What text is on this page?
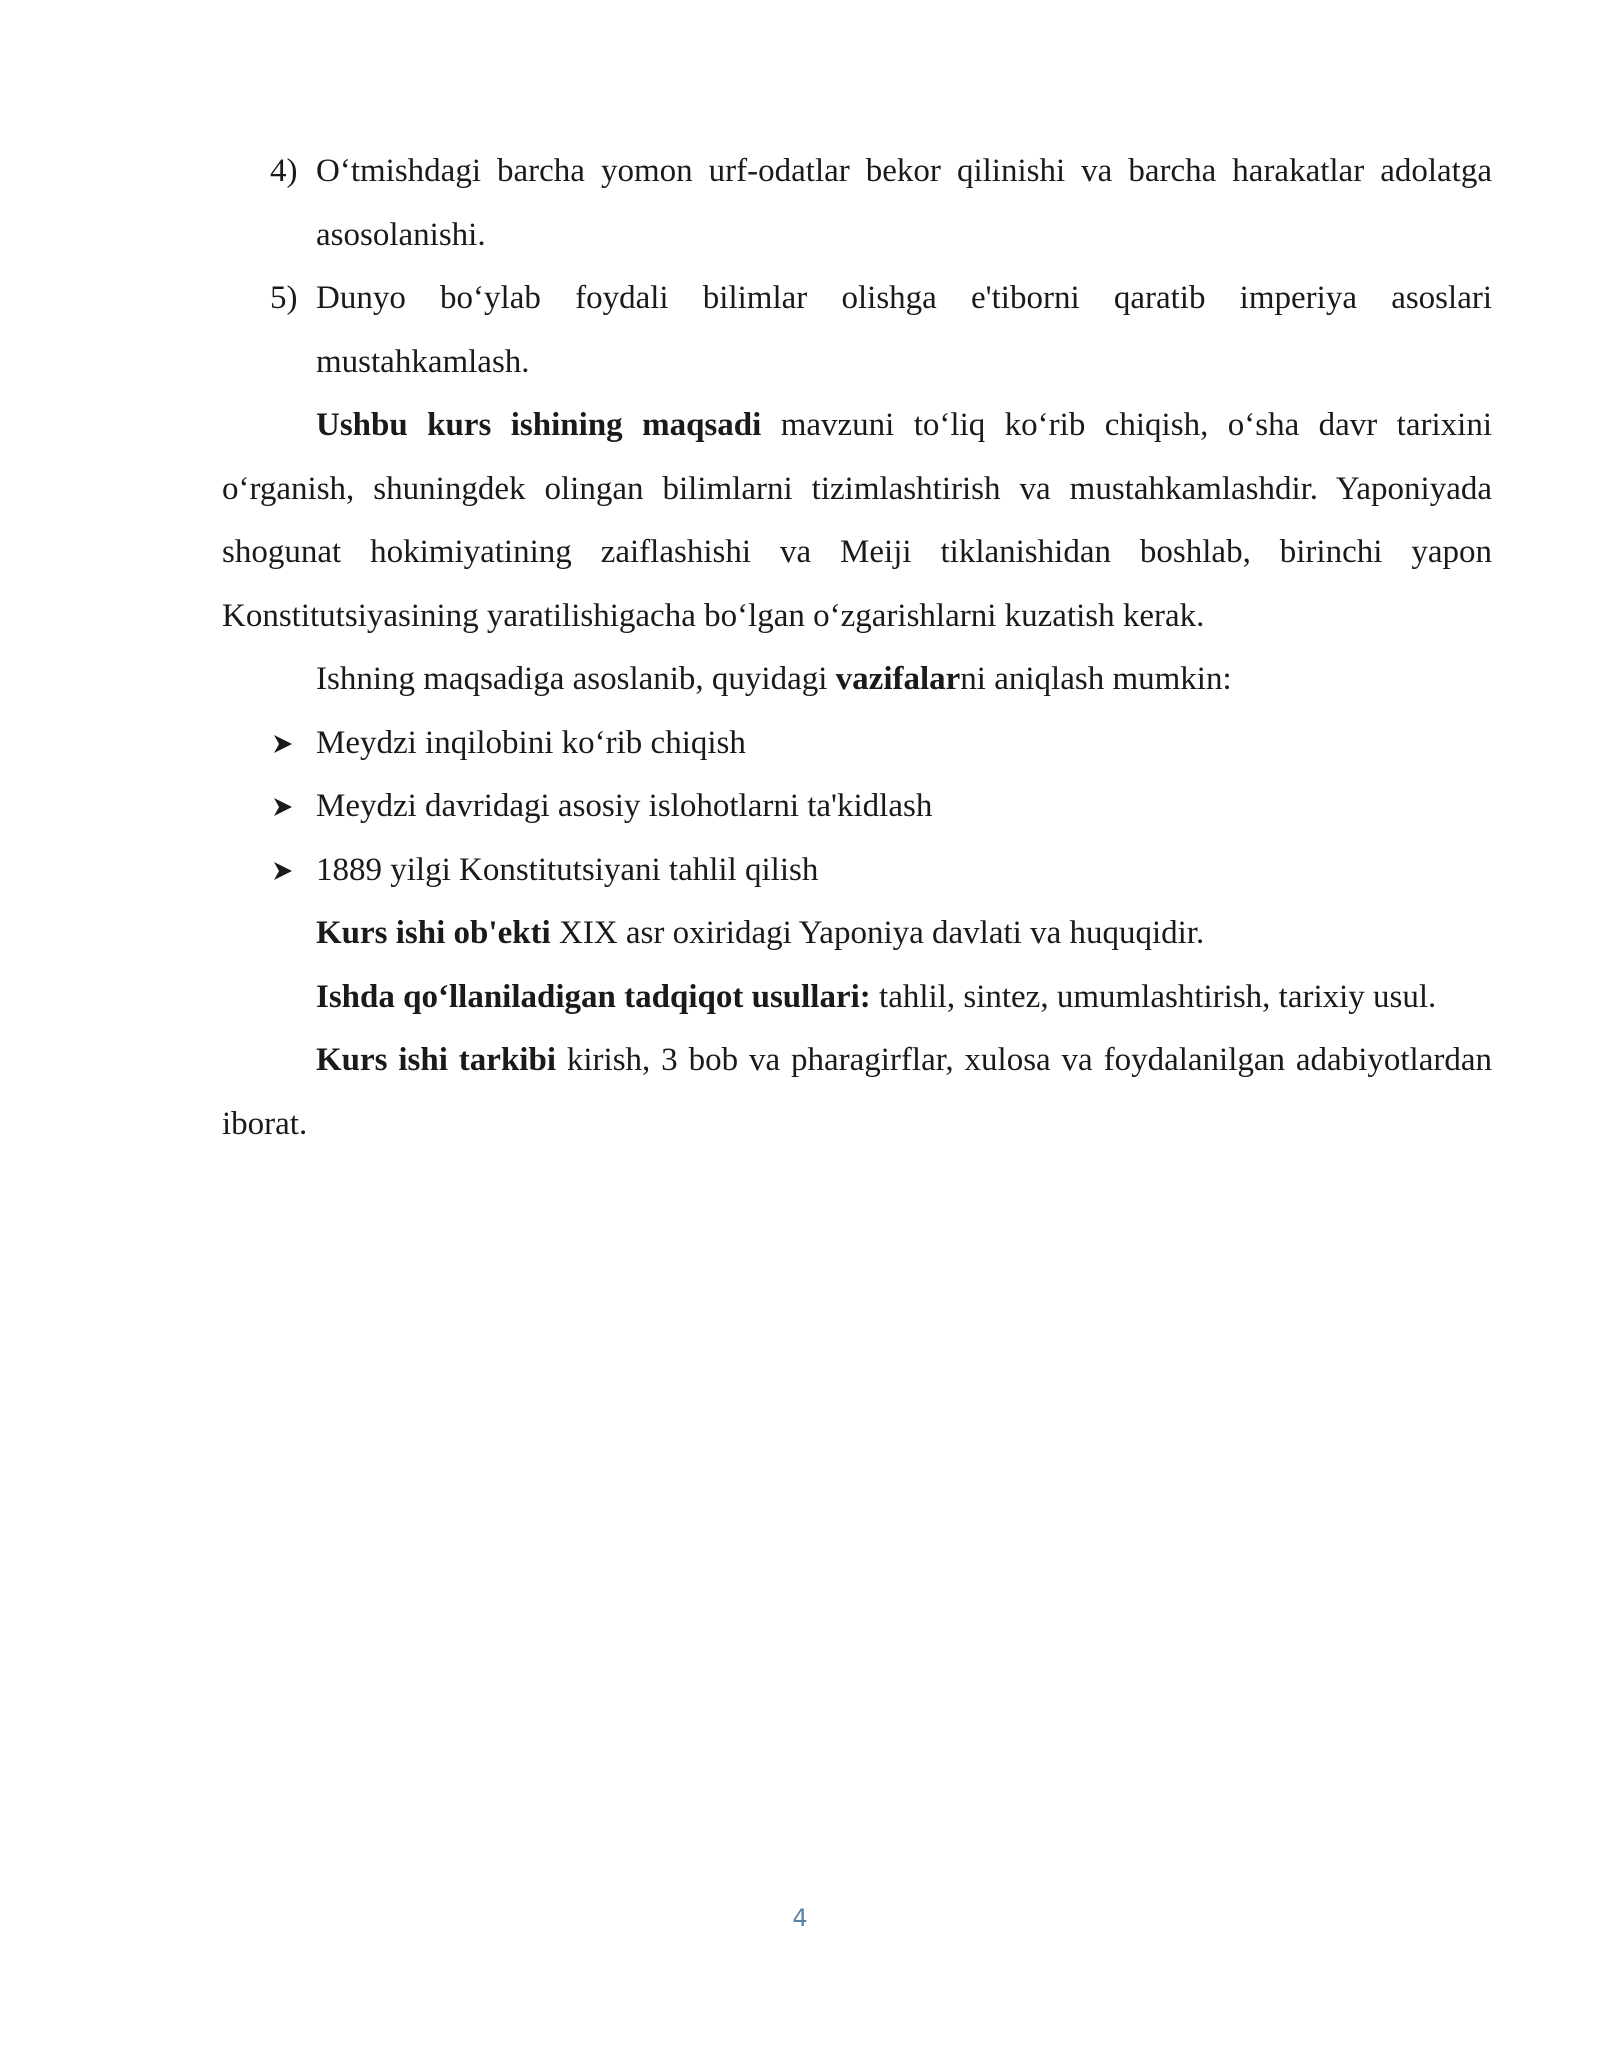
4) O‘tmishdagi barcha yomon urf-odatlar bekor qilinishi va barcha harakatlar adolatga asosolanishi.
5) Dunyo bo‘ylab foydali bilimlar olishga e'tiborni qaratib imperiya asoslari mustahkamlash.

Ushbu kurs ishining maqsadi mavzuni to‘liq ko‘rib chiqish, o‘sha davr tarixini o‘rganish, shuningdek olingan bilimlarni tizimlashtirish va mustahkamlashdir. Yaponiyada shogunat hokimiyatining zaiflashishi va Meiji tiklanishidan boshlab, birinchi yapon Konstitutsiyasining yaratilishigacha bo‘lgan o‘zgarishlarni kuzatish kerak.

Ishning maqsadiga asoslanib, quyidagi vazifalarni aniqlash mumkin:

Meydzi inqilobini ko‘rib chiqish
Meydzi davridagi asosiy islohotlarni ta'kidlash
1889 yilgi Konstitutsiyani tahlil qilish

Kurs ishi ob'ekti XIX asr oxiridagi Yaponiya davlati va huquqidir.

Ishda qo‘llaniladigan tadqiqot usullari: tahlil, sintez, umumlashtirish, tarixiy usul.

Kurs ishi tarkibi kirish, 3 bob va pharagirflar, xulosa va foydalanilgan adabiyotlardan iborat.

4
